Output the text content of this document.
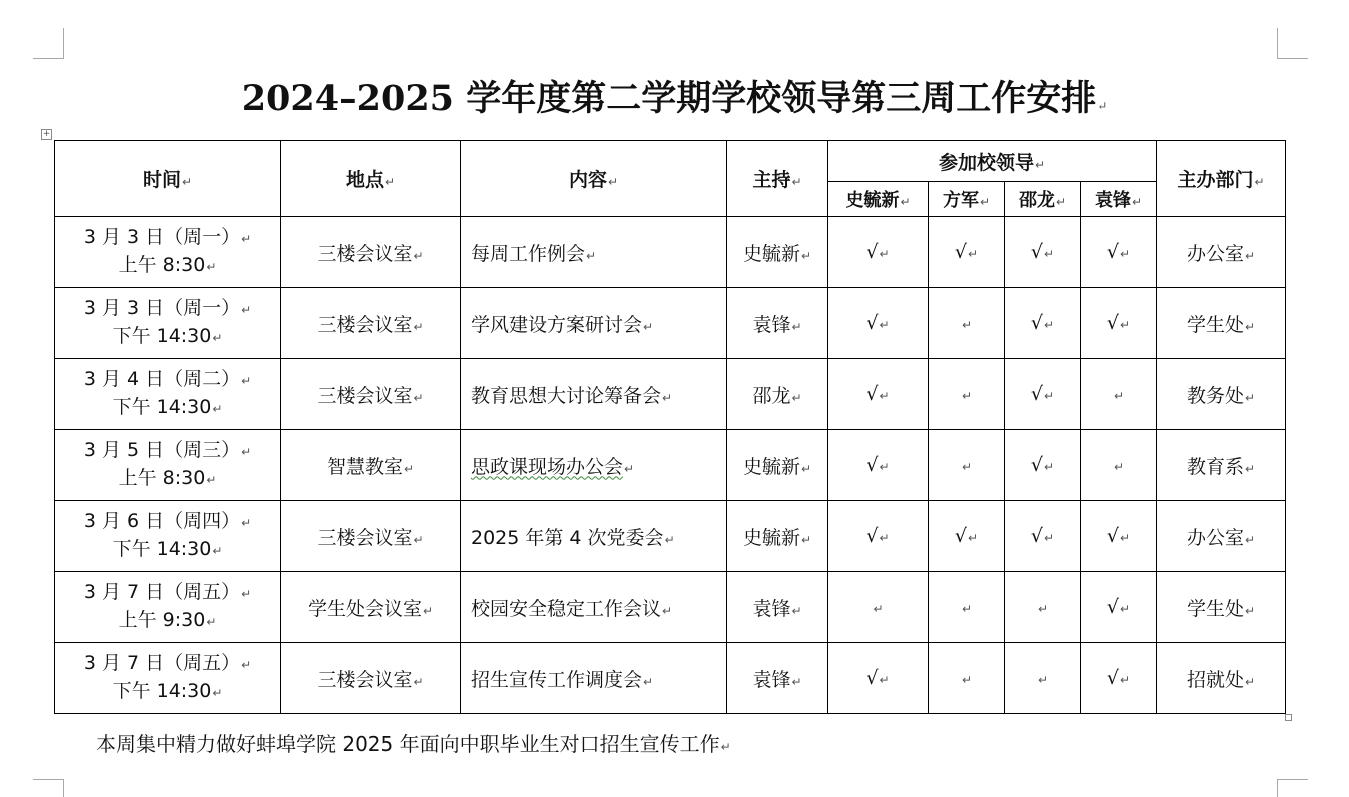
2024–2025 学年度第二学期学校领导第三周工作安排↵
+
时间↵	地点↵	内容↵	主持↵	参加校领导↵				主办部门↵
				史毓新↵	方军↵	邵龙↵	袁锋↵	

3 月 3 日（周一）↵
上午 8:30↵	三楼会议室↵	每周工作例会↵	史毓新↵	√↵	√↵	√↵	√↵	办公室↵

3 月 3 日（周一）↵
下午 14:30↵	三楼会议室↵	学风建设方案研讨会↵	袁锋↵	√↵	↵	√↵	√↵	学生处↵

3 月 4 日（周二）↵
下午 14:30↵	三楼会议室↵	教育思想大讨论筹备会↵	邵龙↵	√↵	↵	√↵	↵	教务处↵

3 月 5 日（周三）↵
上午 8:30↵	智慧教室↵	思政课现场办公会↵	史毓新↵	√↵	↵	√↵	↵	教育系↵

3 月 6 日（周四）↵
下午 14:30↵	三楼会议室↵	2025 年第 4 次党委会↵	史毓新↵	√↵	√↵	√↵	√↵	办公室↵

3 月 7 日（周五）↵
上午 9:30↵	学生处会议室↵	校园安全稳定工作会议↵	袁锋↵	↵	↵	↵	√↵	学生处↵

3 月 7 日（周五）↵
下午 14:30↵	三楼会议室↵	招生宣传工作调度会↵	袁锋↵	√↵	↵	↵	√↵	招就处↵
本周集中精力做好蚌埠学院 2025 年面向中职毕业生对口招生宣传工作↵
